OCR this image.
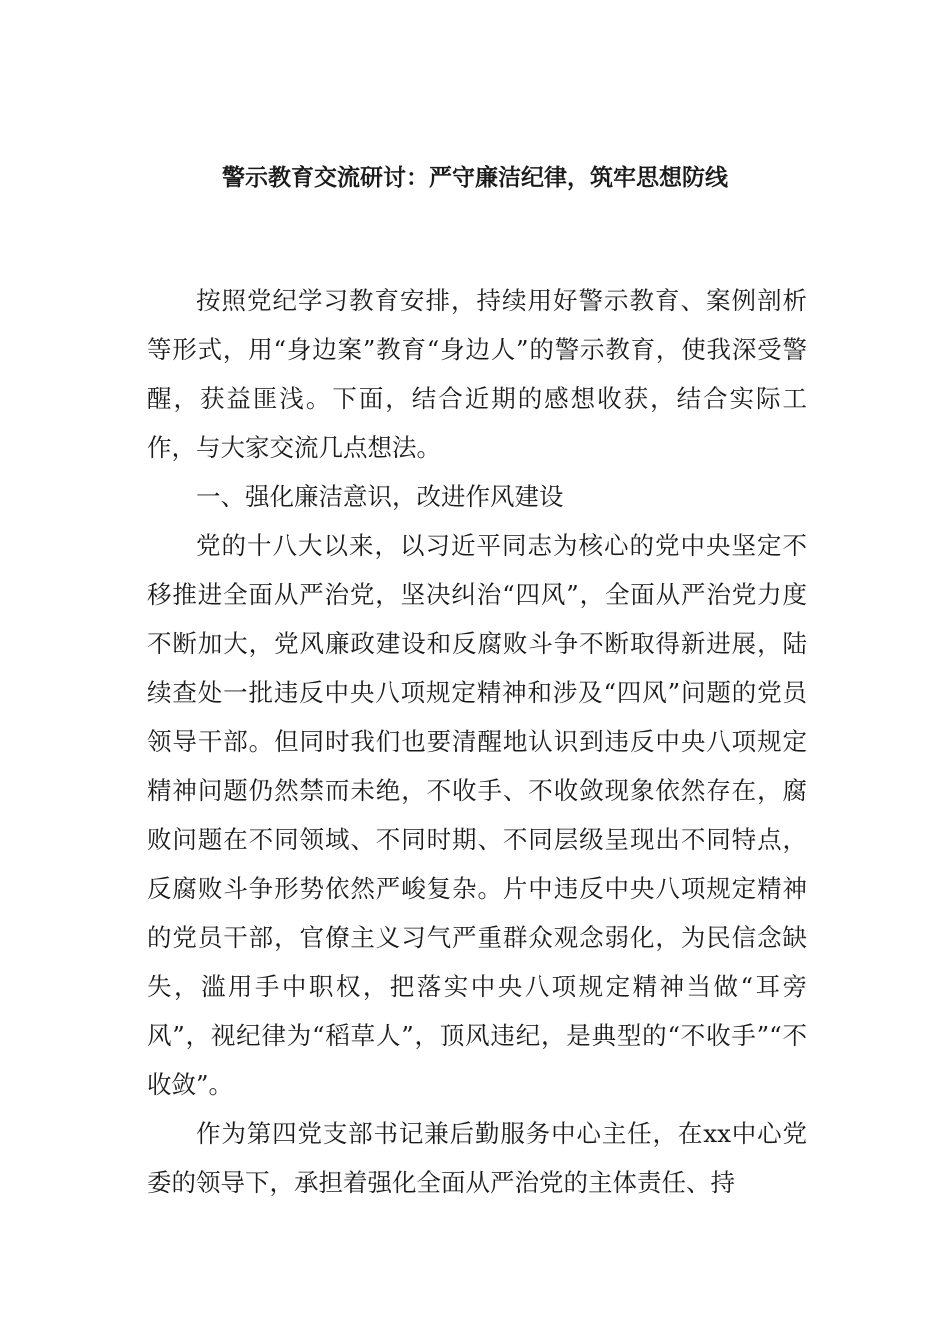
警示教育交流研讨：严守廉洁纪律，筑牢思想防线

按照党纪学习教育安排，持续用好警示教育、案例剖析等形式，用“身边案”教育“身边人”的警示教育，使我深受警醒，获益匪浅。下面，结合近期的感想收获，结合实际工作，与大家交流几点想法。

一、强化廉洁意识，改进作风建设

党的十八大以来，以习近平同志为核心的党中央坚定不移推进全面从严治党，坚决纠治“四风”，全面从严治党力度不断加大，党风廉政建设和反腐败斗争不断取得新进展，陆续查处一批违反中央八项规定精神和涉及“四风”问题的党员领导干部。但同时我们也要清醒地认识到违反中央八项规定精神问题仍然禁而未绝，不收手、不收敛现象依然存在，腐败问题在不同领域、不同时期、不同层级呈现出不同特点，反腐败斗争形势依然严峻复杂。片中违反中央八项规定精神的党员干部，官僚主义习气严重群众观念弱化，为民信念缺失，滥用手中职权，把落实中央八项规定精神当做“耳旁风”，视纪律为“稻草人”，顶风违纪，是典型的“不收手”“不收敛”。

作为第四党支部书记兼后勤服务中心主任，在xx中心党委的领导下，承担着强化全面从严治党的主体责任、持
